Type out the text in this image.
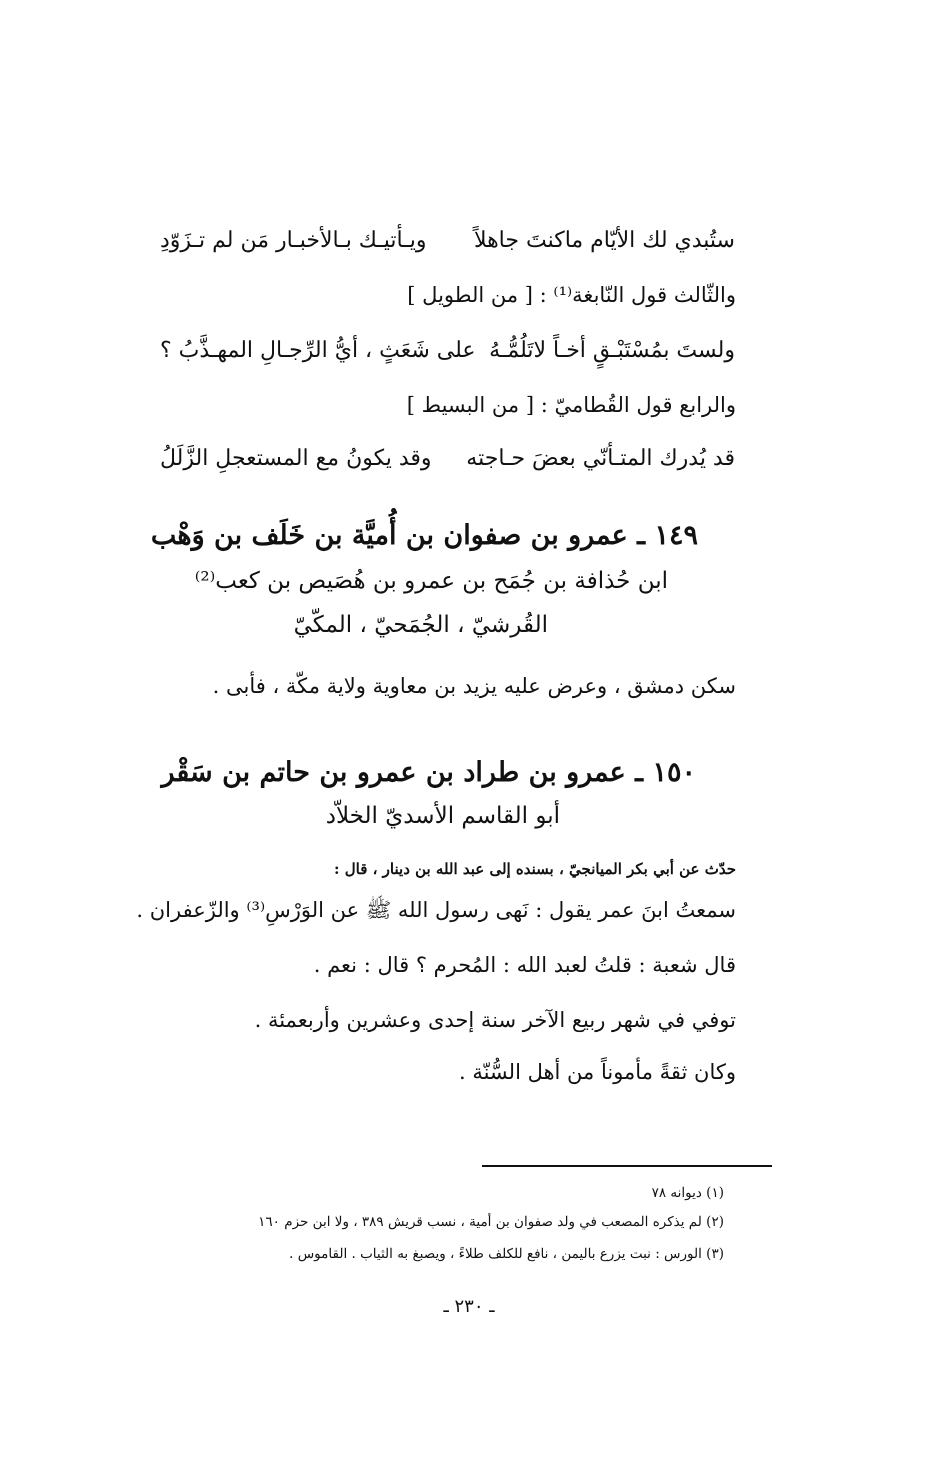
ستُبدي لك الأيّام ماكنتَ جاهلاً
ويـأتيـك بـالأخبـار مَن لم تـزَوّدِ
والثّالث قول النّابغة⁽¹⁾ : [ من الطويل ]
ولستَ بمُسْتَبْـقٍ أخـاً لاتَلُمُّـهُ
على شَعَثٍ ، أيُّ الرِّجـالِ المهـذَّبُ ؟
والرابع قول القُطاميّ : [ من البسيط ]
قد يُدرك المتـأنّي بعضَ حـاجته
وقد يكونُ مع المستعجلِ الزَّلَلُ
١٤٩ ـ عمرو بن صفوان بن أُميَّة بن خَلَف بن وَهْب
ابن حُذافة بن جُمَح بن عمرو بن هُصَيص بن كعب⁽²⁾
القُرشيّ ، الجُمَحيّ ، المكّيّ
سكن دمشق ، وعرض عليه يزيد بن معاوية ولاية مكّة ، فأبى .
١٥٠ ـ عمرو بن طراد بن عمرو بن حاتم بن سَقْر
أبو القاسم الأسديّ الخلاّد
حدّث عن أبي بكر الميانجيّ ، بسنده إلى عبد الله بن دينار ، قال :
سمعتُ ابنَ عمر يقول : نَهى رسول الله ﷺ عن الوَرْسِ⁽³⁾ والزّعفران .
قال شعبة : قلتُ لعبد الله : المُحرم ؟ قال : نعم .
توفي في شهر ربيع الآخر سنة إحدى وعشرين وأربعمئة .
وكان ثقةً مأموناً من أهل السُّنّة .
(١) ديوانه ٧٨
(٢) لم يذكره المصعب في ولد صفوان بن أمية ، نسب قريش ٣٨٩ ، ولا ابن حزم ١٦٠
(٣) الورس : نبت يزرع باليمن ، نافع للكلف طلاءً ، ويصبغ به الثياب . القاموس .
ـ ٢٣٠ ـ
